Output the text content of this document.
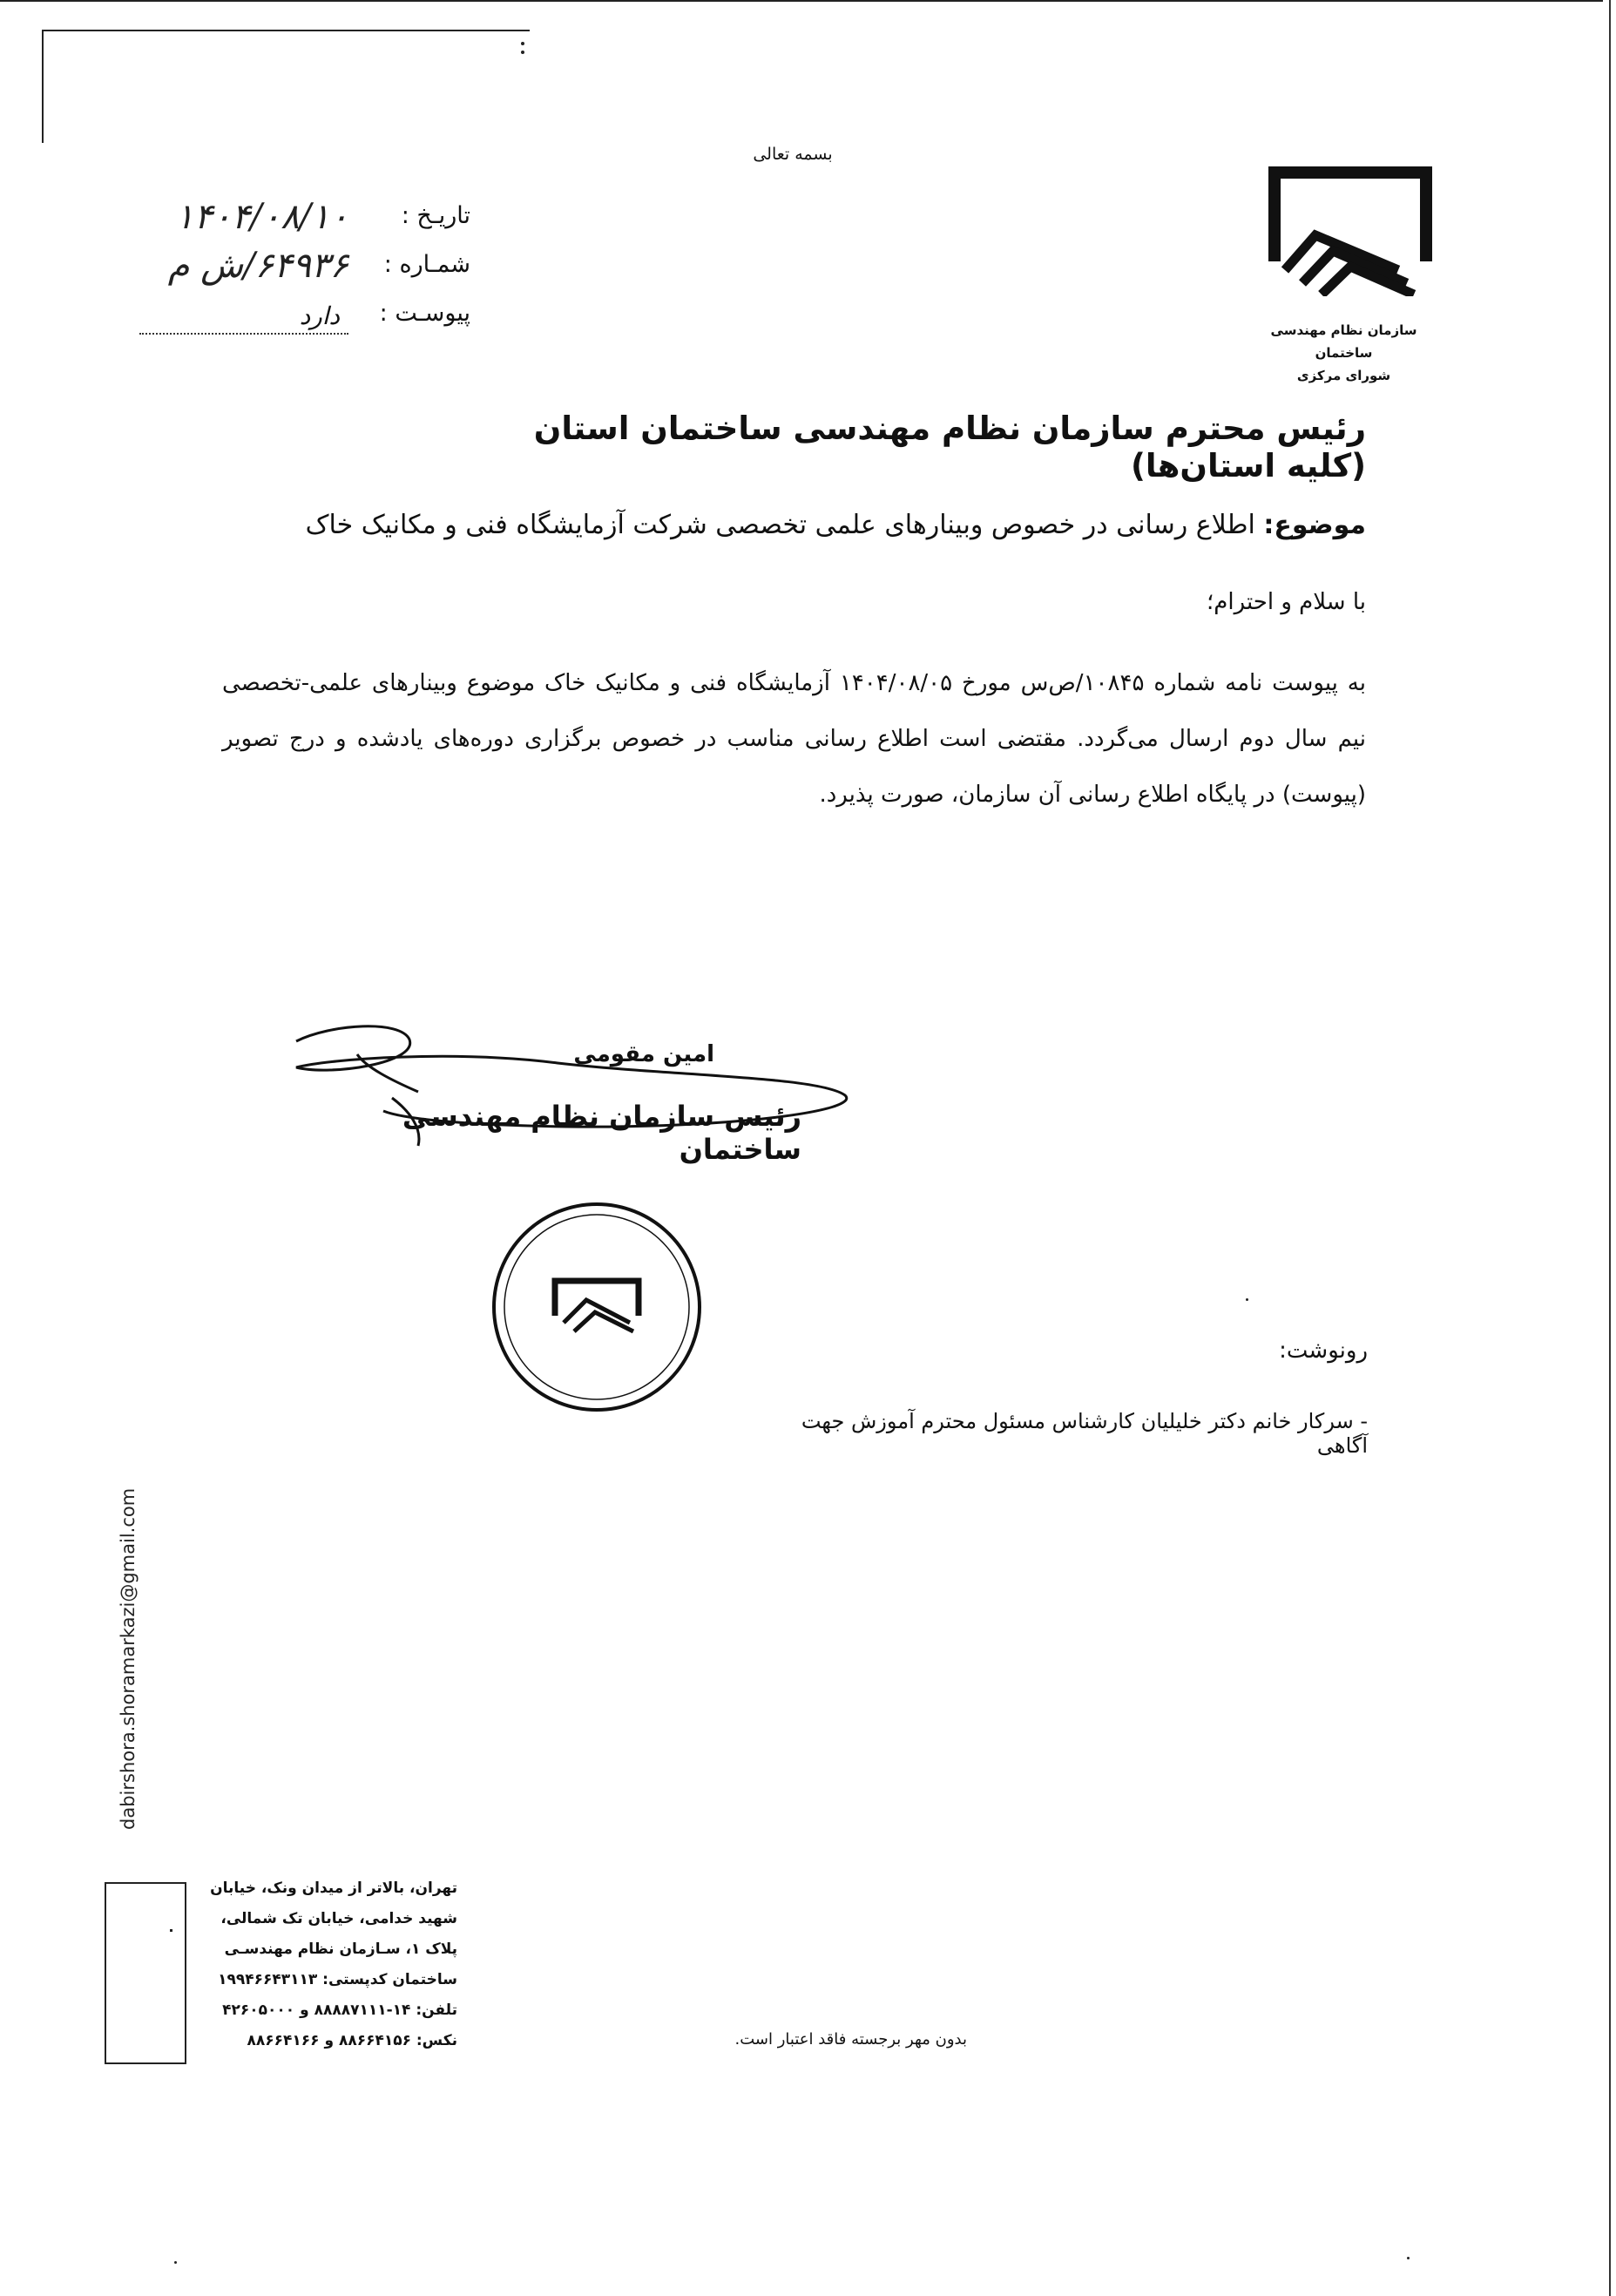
بسمه تعالی
سازمان نظام مهندسی ساختمان
شورای مرکزی
تاریـخ :
۱۴۰۴/۰۸/۱۰
شمـاره :
۶۴۹۳۶/ش م
پیوسـت :
دارد
رئیس محترم سازمان نظام مهندسی ساختمان استان (کلیه استان‌ها)
موضوع: اطلاع رسانی در خصوص وبینارهای علمی تخصصی شرکت آزمایشگاه فنی و مکانیک خاک
با سلام و احترام؛
به پیوست نامه شماره ۱۰۸۴۵/ص‌س مورخ ۱۴۰۴/۰۸/۰۵ آزمایشگاه فنی و مکانیک خاک موضوع وبینارهای علمی-تخصصی نیم سال دوم ارسال می‌گردد. مقتضی است اطلاع رسانی مناسب در خصوص برگزاری دوره‌های یادشده و درج تصویر (پیوست) در پایگاه اطلاع رسانی آن سازمان، صورت پذیرد.
امین مقومی
رئیس سازمان نظام مهندسی ساختمان
رونوشت:
- سرکار خانم دکتر خلیلیان کارشناس مسئول محترم آموزش جهت آگاهی
dabirshora.shoramarkazi@gmail.com
تهران، بالاتر از میدان ونک، خیابان
شهید خدامی، خیابان تک شمالی،
پلاک ۱، سـازمان نظام مهندسـی
ساختمان کدپستی: ۱۹۹۴۶۶۴۳۱۱۳
تلفن: ۱۴-۸۸۸۸۷۱۱۱ و ۴۲۶۰۵۰۰۰
نکس: ۸۸۶۶۴۱۵۶ و ۸۸۶۶۴۱۶۶	بدون مهر برجسته فاقد اعتبار است.
